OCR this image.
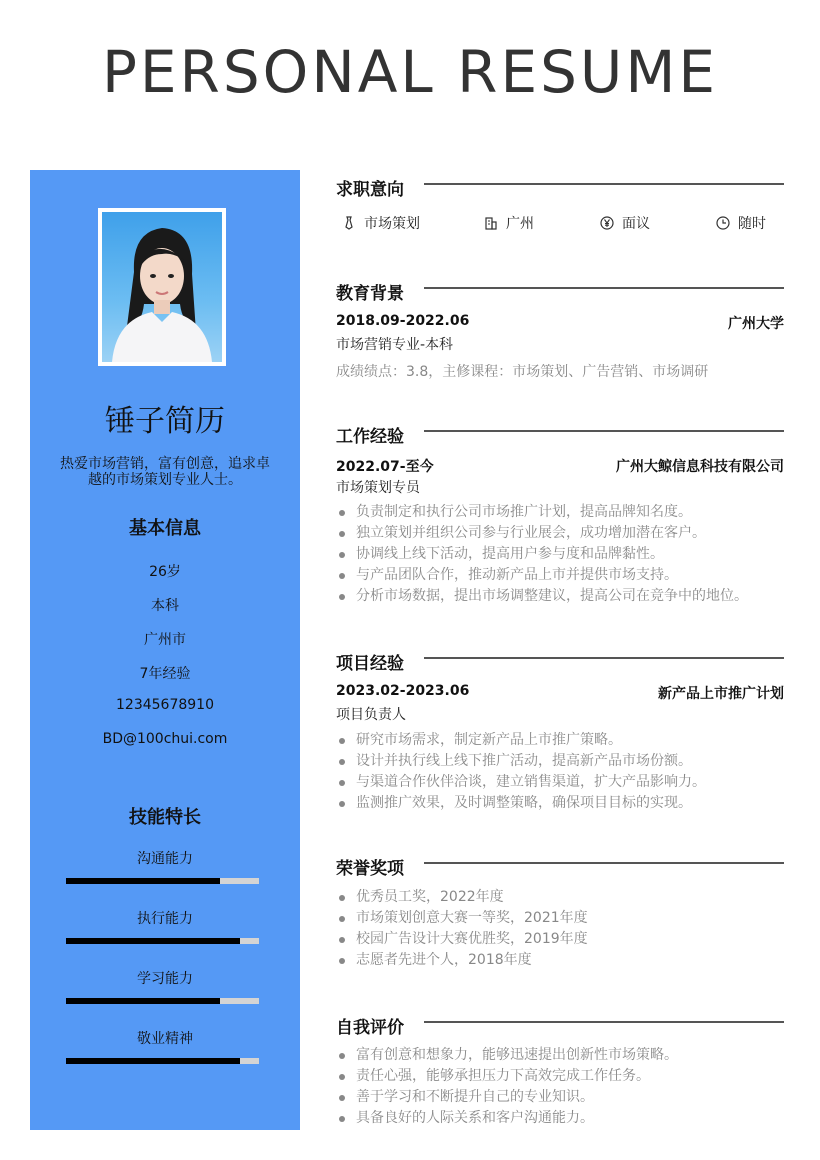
PERSONAL RESUME
锤子简历
热爱市场营销，富有创意，追求卓越的市场策划专业人士。
基本信息
26岁
本科
广州市
7年经验
12345678910
BD@100chui.com
技能特长
沟通能力
执行能力
学习能力
敬业精神
求职意向
市场策划	广州	面议	随时
教育背景
2018.09-2022.06	广州大学
市场营销专业-本科
成绩绩点：3.8，主修课程：市场策划、广告营销、市场调研
工作经验
2022.07-至今	广州大鲸信息科技有限公司
市场策划专员
负责制定和执行公司市场推广计划，提高品牌知名度。
独立策划并组织公司参与行业展会，成功增加潜在客户。
协调线上线下活动，提高用户参与度和品牌黏性。
与产品团队合作，推动新产品上市并提供市场支持。
分析市场数据，提出市场调整建议，提高公司在竞争中的地位。
项目经验
2023.02-2023.06	新产品上市推广计划
项目负责人
研究市场需求，制定新产品上市推广策略。
设计并执行线上线下推广活动，提高新产品市场份额。
与渠道合作伙伴洽谈，建立销售渠道，扩大产品影响力。
监测推广效果，及时调整策略，确保项目目标的实现。
荣誉奖项
优秀员工奖，2022年度
市场策划创意大赛一等奖，2021年度
校园广告设计大赛优胜奖，2019年度
志愿者先进个人，2018年度
自我评价
富有创意和想象力，能够迅速提出创新性市场策略。
责任心强，能够承担压力下高效完成工作任务。
善于学习和不断提升自己的专业知识。
具备良好的人际关系和客户沟通能力。
